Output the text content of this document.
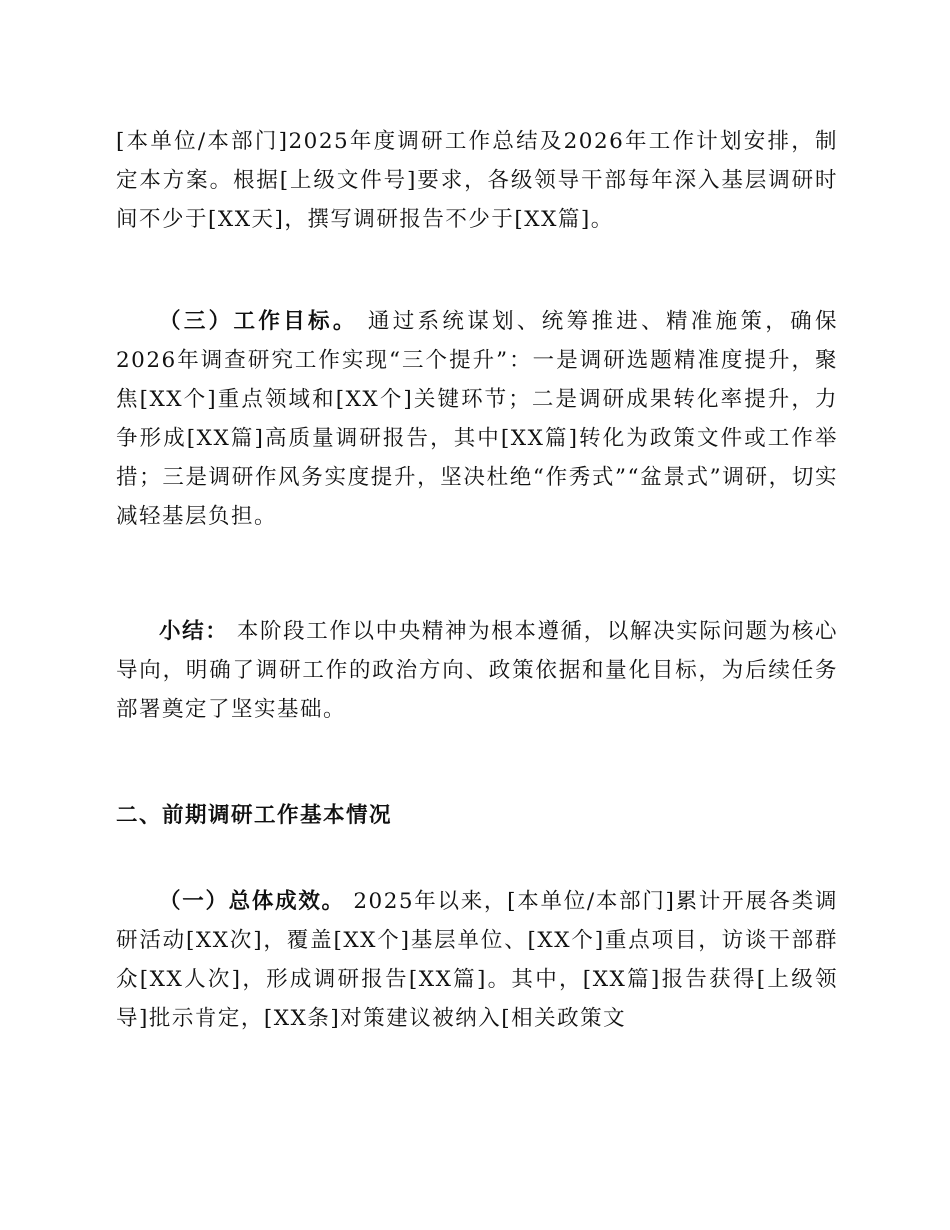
[本单位/本部门]2025年度调研工作总结及2026年工作计划安排，制定本方案。根据[上级文件号]要求，各级领导干部每年深入基层调研时间不少于[XX天]，撰写调研报告不少于[XX篇]。

（三）工作目标。 通过系统谋划、统筹推进、精准施策，确保2026年调查研究工作实现“三个提升”：一是调研选题精准度提升，聚焦[XX个]重点领域和[XX个]关键环节；二是调研成果转化率提升，力争形成[XX篇]高质量调研报告，其中[XX篇]转化为政策文件或工作举措；三是调研作风务实度提升，坚决杜绝“作秀式”“盆景式”调研，切实减轻基层负担。

小结： 本阶段工作以中央精神为根本遵循，以解决实际问题为核心导向，明确了调研工作的政治方向、政策依据和量化目标，为后续任务部署奠定了坚实基础。

二、前期调研工作基本情况

（一）总体成效。 2025年以来，[本单位/本部门]累计开展各类调研活动[XX次]，覆盖[XX个]基层单位、[XX个]重点项目，访谈干部群众[XX人次]，形成调研报告[XX篇]。其中，[XX篇]报告获得[上级领导]批示肯定，[XX条]对策建议被纳入[相关政策文
